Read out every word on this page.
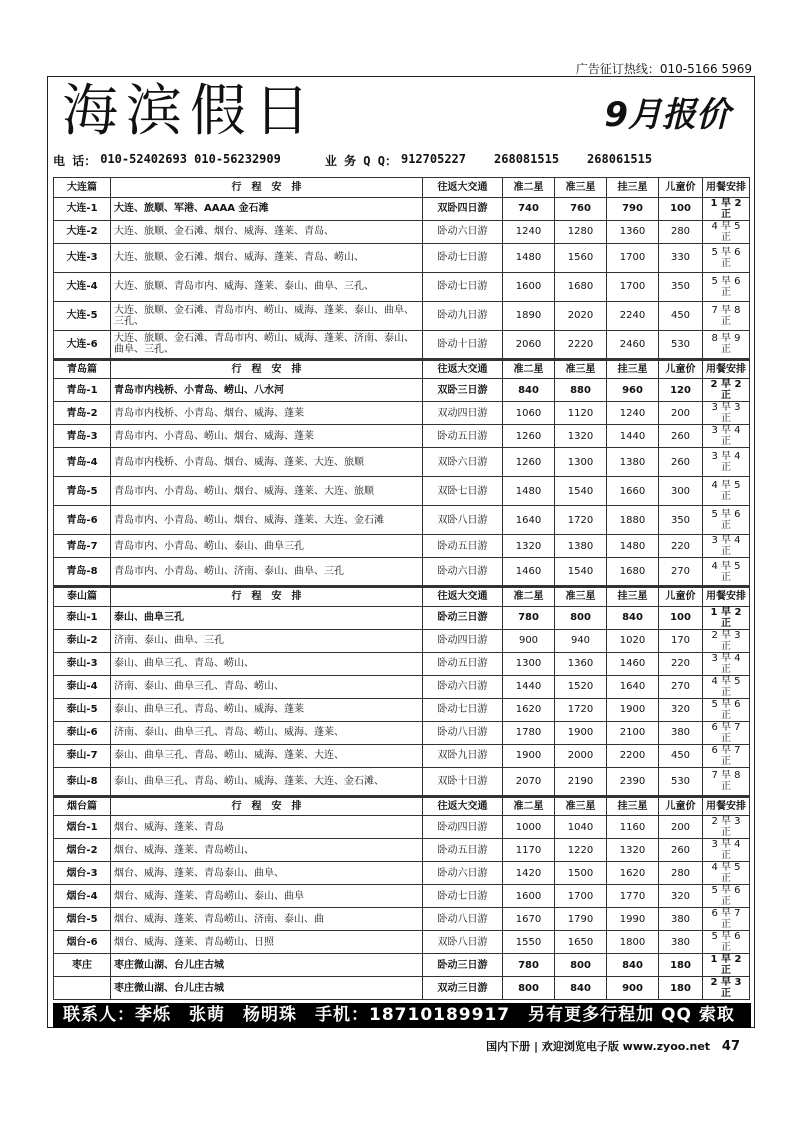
广告征订热线：010-5166 5969
海滨假日	9月报价
电 话： 010-52402693 010-56232909	业 务 Q Q： 912705227 268081515 268061515
大连篇	行　程　安　排	往返大交通	准二星	准三星	挂三星	儿童价	用餐安排
大连-1	大连、旅顺、军港、AAAA 金石滩	双卧四日游	740	760	790	100	1 早 2 正
大连-2	大连、旅顺、金石滩、烟台、威海、蓬莱、青岛、	卧动六日游	1240	1280	1360	280	4 早 5 正
大连-3	大连、旅顺、金石滩、烟台、威海、蓬莱、青岛、崂山、	卧动七日游	1480	1560	1700	330	5 早 6 正
大连-4	大连、旅顺、青岛市内、威海、蓬莱、泰山、曲阜、三孔、	卧动七日游	1600	1680	1700	350	5 早 6 正
大连-5	大连、旅顺、金石滩、青岛市内、崂山、威海、蓬莱、泰山、曲阜、三孔、	卧动九日游	1890	2020	2240	450	7 早 8 正
大连-6	大连、旅顺、金石滩、青岛市内、崂山、威海、蓬莱、济南、泰山、曲阜、三孔、	卧动十日游	2060	2220	2460	530	8 早 9 正
青岛篇	行　程　安　排	往返大交通	准二星	准三星	挂三星	儿童价	用餐安排
青岛-1	青岛市内栈桥、小青岛、崂山、八水河	双卧三日游	840	880	960	120	2 早 2 正
青岛-2	青岛市内栈桥、小青岛、烟台、威海、蓬莱	双动四日游	1060	1120	1240	200	3 早 3 正
青岛-3	青岛市内、小青岛、崂山、烟台、威海、蓬莱	卧动五日游	1260	1320	1440	260	3 早 4 正
青岛-4	青岛市内栈桥、小青岛、烟台、威海、蓬莱、大连、旅顺	双卧六日游	1260	1300	1380	260	3 早 4 正
青岛-5	青岛市内、小青岛、崂山、烟台、威海、蓬莱、大连、旅顺	双卧七日游	1480	1540	1660	300	4 早 5 正
青岛-6	青岛市内、小青岛、崂山、烟台、威海、蓬莱、大连、金石滩	双卧八日游	1640	1720	1880	350	5 早 6 正
青岛-7	青岛市内、小青岛、崂山、泰山、曲阜三孔	卧动五日游	1320	1380	1480	220	3 早 4 正
青岛-8	青岛市内、小青岛、崂山、济南、泰山、曲阜、三孔	卧动六日游	1460	1540	1680	270	4 早 5 正
泰山篇	行　程　安　排	往返大交通	准二星	准三星	挂三星	儿童价	用餐安排
泰山-1	泰山、曲阜三孔	卧动三日游	780	800	840	100	1 早 2 正
泰山-2	济南、泰山、曲阜、三孔	卧动四日游	900	940	1020	170	2 早 3 正
泰山-3	泰山、曲阜三孔、青岛、崂山、	卧动五日游	1300	1360	1460	220	3 早 4 正
泰山-4	济南、泰山、曲阜三孔、青岛、崂山、	卧动六日游	1440	1520	1640	270	4 早 5 正
泰山-5	泰山、曲阜三孔、青岛、崂山、威海、蓬莱	卧动七日游	1620	1720	1900	320	5 早 6 正
泰山-6	济南、泰山、曲阜三孔、青岛、崂山、威海、蓬莱、	卧动八日游	1780	1900	2100	380	6 早 7 正
泰山-7	泰山、曲阜三孔、青岛、崂山、威海、蓬莱、大连、	双卧九日游	1900	2000	2200	450	6 早 7 正
泰山-8	泰山、曲阜三孔、青岛、崂山、威海、蓬莱、大连、金石滩、	双卧十日游	2070	2190	2390	530	7 早 8 正
烟台篇	行　程　安　排	往返大交通	准二星	准三星	挂三星	儿童价	用餐安排
烟台-1	烟台、威海、蓬莱、青岛	卧动四日游	1000	1040	1160	200	2 早 3 正
烟台-2	烟台、威海、蓬莱、青岛崂山、	卧动五日游	1170	1220	1320	260	3 早 4 正
烟台-3	烟台、威海、蓬莱、青岛泰山、曲阜、	卧动六日游	1420	1500	1620	280	4 早 5 正
烟台-4	烟台、威海、蓬莱、青岛崂山、泰山、曲阜	卧动七日游	1600	1700	1770	320	5 早 6 正
烟台-5	烟台、威海、蓬莱、青岛崂山、济南、泰山、曲	卧动八日游	1670	1790	1990	380	6 早 7 正
烟台-6	烟台、威海、蓬莱、青岛崂山、日照	双卧八日游	1550	1650	1800	380	5 早 6 正
枣庄	枣庄微山湖、台儿庄古城	卧动三日游	780	800	840	180	1 早 2 正
	枣庄微山湖、台儿庄古城	双动三日游	800	840	900	180	2 早 3 正
联系人：李烁　张萌　杨明珠　手机：18710189917　另有更多行程加 QQ 索取
国内下册 | 欢迎浏览电子版 www.zyoo.net 47
